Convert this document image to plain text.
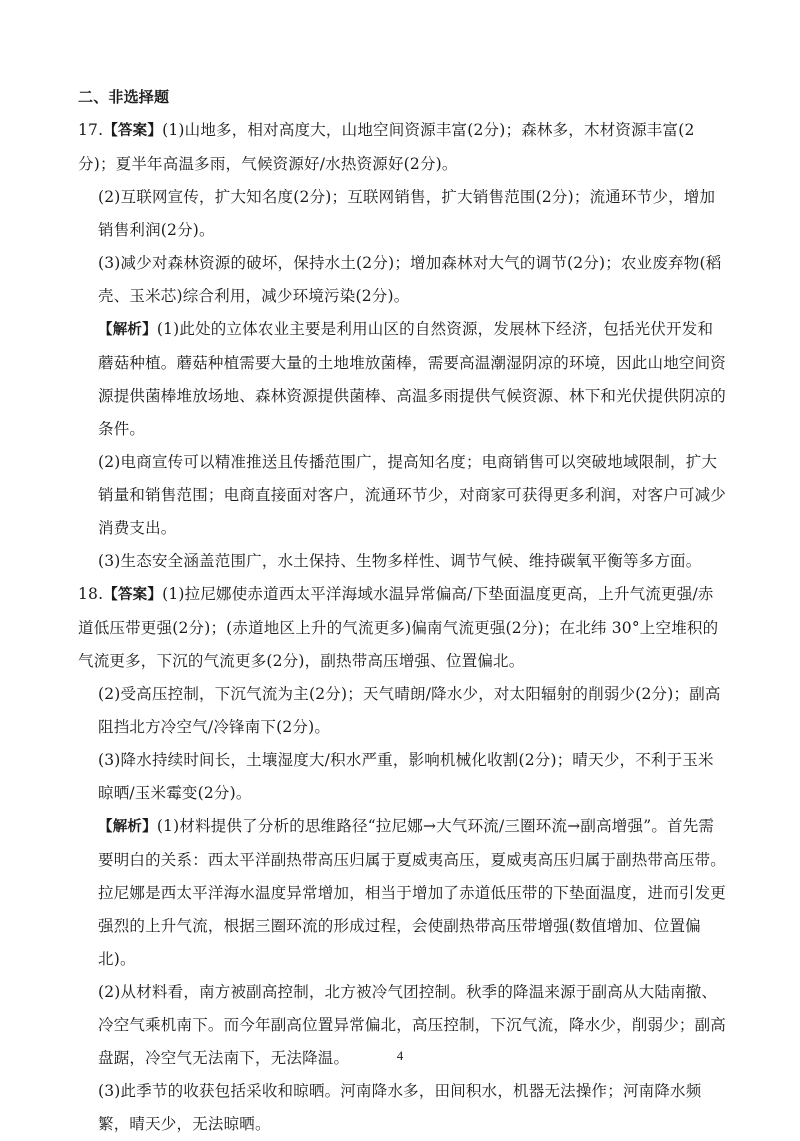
二、非选择题

17.【答案】(1)山地多，相对高度大，山地空间资源丰富(2分)；森林多，木材资源丰富(2分)；夏半年高温多雨，气候资源好/水热资源好(2分)。

(2)互联网宣传，扩大知名度(2分)；互联网销售，扩大销售范围(2分)；流通环节少，增加销售利润(2分)。

(3)减少对森林资源的破坏，保持水土(2分)；增加森林对大气的调节(2分)；农业废弃物(稻壳、玉米芯)综合利用，减少环境污染(2分)。

【解析】(1)此处的立体农业主要是利用山区的自然资源，发展林下经济，包括光伏开发和蘑菇种植。蘑菇种植需要大量的土地堆放菌棒，需要高温潮湿阴凉的环境，因此山地空间资源提供菌棒堆放场地、森林资源提供菌棒、高温多雨提供气候资源、林下和光伏提供阴凉的条件。

(2)电商宣传可以精准推送且传播范围广，提高知名度；电商销售可以突破地域限制，扩大销量和销售范围；电商直接面对客户，流通环节少，对商家可获得更多利润，对客户可减少消费支出。

(3)生态安全涵盖范围广，水土保持、生物多样性、调节气候、维持碳氧平衡等多方面。

18.【答案】(1)拉尼娜使赤道西太平洋海域水温异常偏高/下垫面温度更高，上升气流更强/赤道低压带更强(2分)；(赤道地区上升的气流更多)偏南气流更强(2分)；在北纬 30°上空堆积的气流更多，下沉的气流更多(2分)，副热带高压增强、位置偏北。

(2)受高压控制，下沉气流为主(2分)；天气晴朗/降水少，对太阳辐射的削弱少(2分)；副高阻挡北方冷空气/冷锋南下(2分)。

(3)降水持续时间长，土壤湿度大/积水严重，影响机械化收割(2分)；晴天少，不利于玉米晾晒/玉米霉变(2分)。

【解析】(1)材料提供了分析的思维路径“拉尼娜→大气环流/三圈环流→副高增强”。首先需要明白的关系：西太平洋副热带高压归属于夏威夷高压，夏威夷高压归属于副热带高压带。拉尼娜是西太平洋海水温度异常增加，相当于增加了赤道低压带的下垫面温度，进而引发更强烈的上升气流，根据三圈环流的形成过程，会使副热带高压带增强(数值增加、位置偏北)。

(2)从材料看，南方被副高控制，北方被冷气团控制。秋季的降温来源于副高从大陆南撤、冷空气乘机南下。而今年副高位置异常偏北，高压控制，下沉气流，降水少，削弱少；副高盘踞，冷空气无法南下，无法降温。

(3)此季节的收获包括采收和晾晒。河南降水多，田间积水，机器无法操作；河南降水频繁，晴天少，无法晾晒。

4
